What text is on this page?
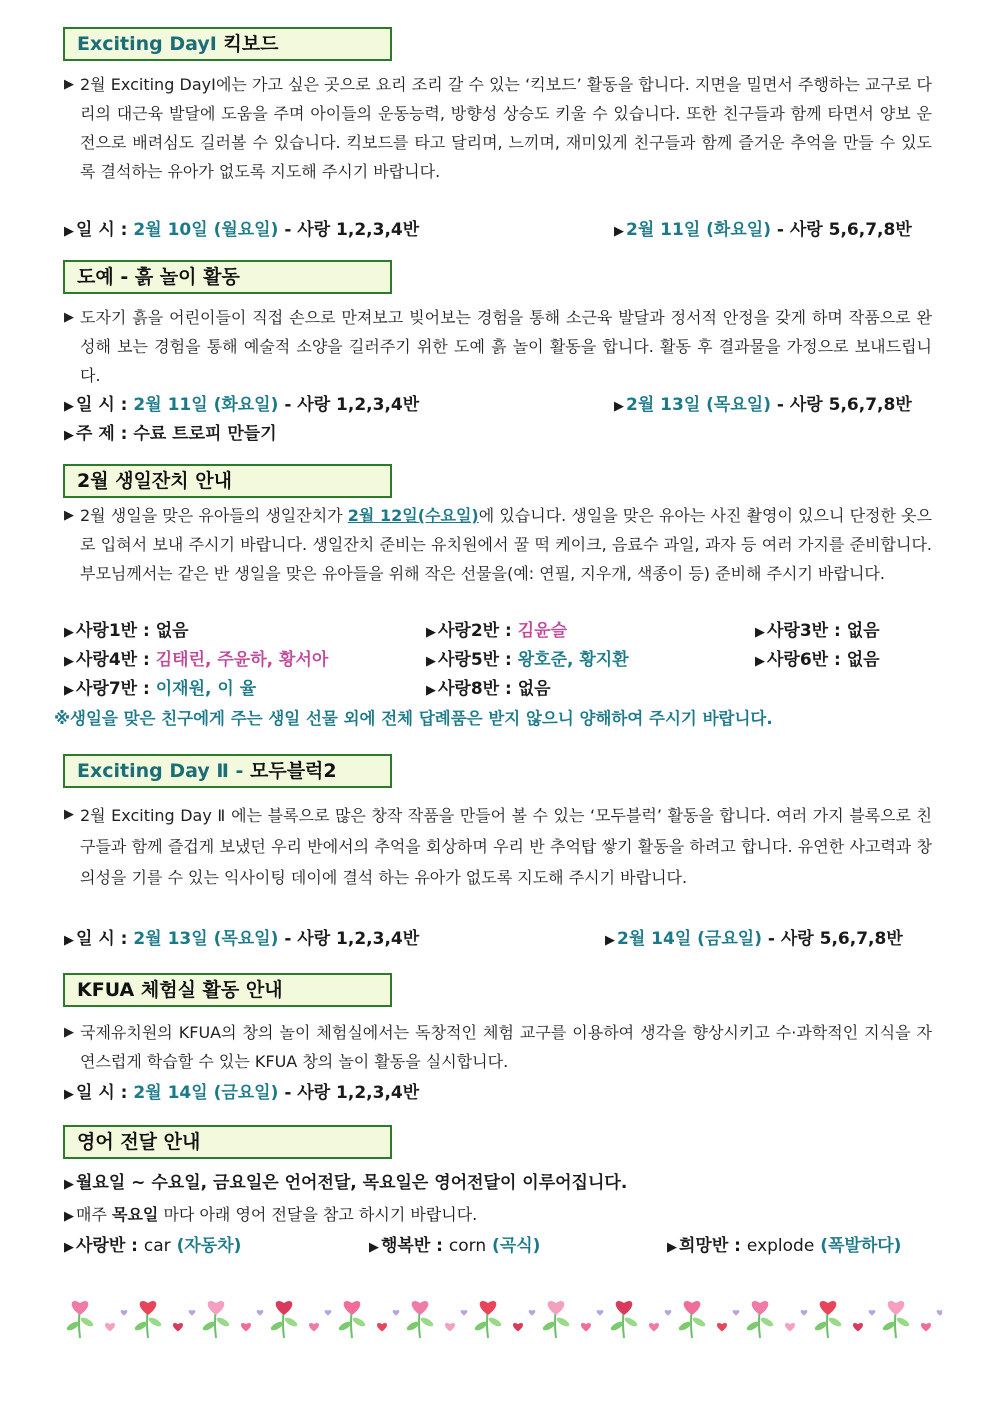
Exciting DayⅠ 킥보드
▶ 2월 Exciting DayⅠ에는 가고 싶은 곳으로 요리 조리 갈 수 있는 ‘킥보드’ 활동을 합니다. 지면을 밀면서 주행하는 교구로 다리의 대근육 발달에 도움을 주며 아이들의 운동능력, 방향성 상승도 키울 수 있습니다. 또한 친구들과 함께 타면서 양보 운전으로 배려심도 길러볼 수 있습니다. 킥보드를 타고 달리며, 느끼며, 재미있게 친구들과 함께 즐거운 추억을 만들 수 있도록 결석하는 유아가 없도록 지도해 주시기 바랍니다.
▶ 일 시 : 2월 10일 (월요일) - 사랑 1,2,3,4반	▶ 2월 11일 (화요일) - 사랑 5,6,7,8반
도예 - 흙 놀이 활동
▶ 도자기 흙을 어린이들이 직접 손으로 만져보고 빚어보는 경험을 통해 소근육 발달과 정서적 안정을 갖게 하며 작품으로 완성해 보는 경험을 통해 예술적 소양을 길러주기 위한 도예 흙 놀이 활동을 합니다. 활동 후 결과물을 가정으로 보내드립니다.
▶ 일 시 : 2월 11일 (화요일) - 사랑 1,2,3,4반	▶ 2월 13일 (목요일) - 사랑 5,6,7,8반
▶ 주 제 : 수료 트로피 만들기
2월 생일잔치 안내
▶ 2월 생일을 맞은 유아들의 생일잔치가 2월 12일(수요일)에 있습니다. 생일을 맞은 유아는 사진 촬영이 있으니 단정한 옷으로 입혀서 보내 주시기 바랍니다. 생일잔치 준비는 유치원에서 꿀 떡 케이크, 음료수 과일, 과자 등 여러 가지를 준비합니다. 부모님께서는 같은 반 생일을 맞은 유아들을 위해 작은 선물을(예: 연필, 지우개, 색종이 등) 준비해 주시기 바랍니다.
▶ 사랑1반 : 없음	▶ 사랑2반 : 김윤슬	▶ 사랑3반 : 없음
▶ 사랑4반 : 김태린, 주윤하, 황서아	▶ 사랑5반 : 왕호준, 황지환	▶ 사랑6반 : 없음
▶ 사랑7반 : 이재원, 이 율	▶ 사랑8반 : 없음
※생일을 맞은 친구에게 주는 생일 선물 외에 전체 답례품은 받지 않으니 양해하여 주시기 바랍니다.
Exciting Day Ⅱ - 모두블럭2
▶ 2월 Exciting Day Ⅱ 에는 블록으로 많은 창작 작품을 만들어 볼 수 있는 ‘모두블럭’ 활동을 합니다. 여러 가지 블록으로 친구들과 함께 즐겁게 보냈던 우리 반에서의 추억을 회상하며 우리 반 추억탑 쌓기 활동을 하려고 합니다. 유연한 사고력과 창의성을 기를 수 있는 익사이팅 데이에 결석 하는 유아가 없도록 지도해 주시기 바랍니다.
▶ 일 시 : 2월 13일 (목요일) - 사랑 1,2,3,4반	▶ 2월 14일 (금요일) - 사랑 5,6,7,8반
KFUA 체험실 활동 안내
▶ 국제유치원의 KFUA의 창의 놀이 체험실에서는 독창적인 체험 교구를 이용하여 생각을 향상시키고 수·과학적인 지식을 자연스럽게 학습할 수 있는 KFUA 창의 놀이 활동을 실시합니다.
▶ 일 시 : 2월 14일 (금요일) - 사랑 1,2,3,4반
영어 전달 안내
▶ 월요일 ~ 수요일, 금요일은 언어전달, 목요일은 영어전달이 이루어집니다.
▶ 매주 목요일 마다 아래 영어 전달을 참고 하시기 바랍니다.
▶ 사랑반 : car (자동차)	▶ 행복반 : corn (곡식)	▶ 희망반 : explode (폭발하다)
